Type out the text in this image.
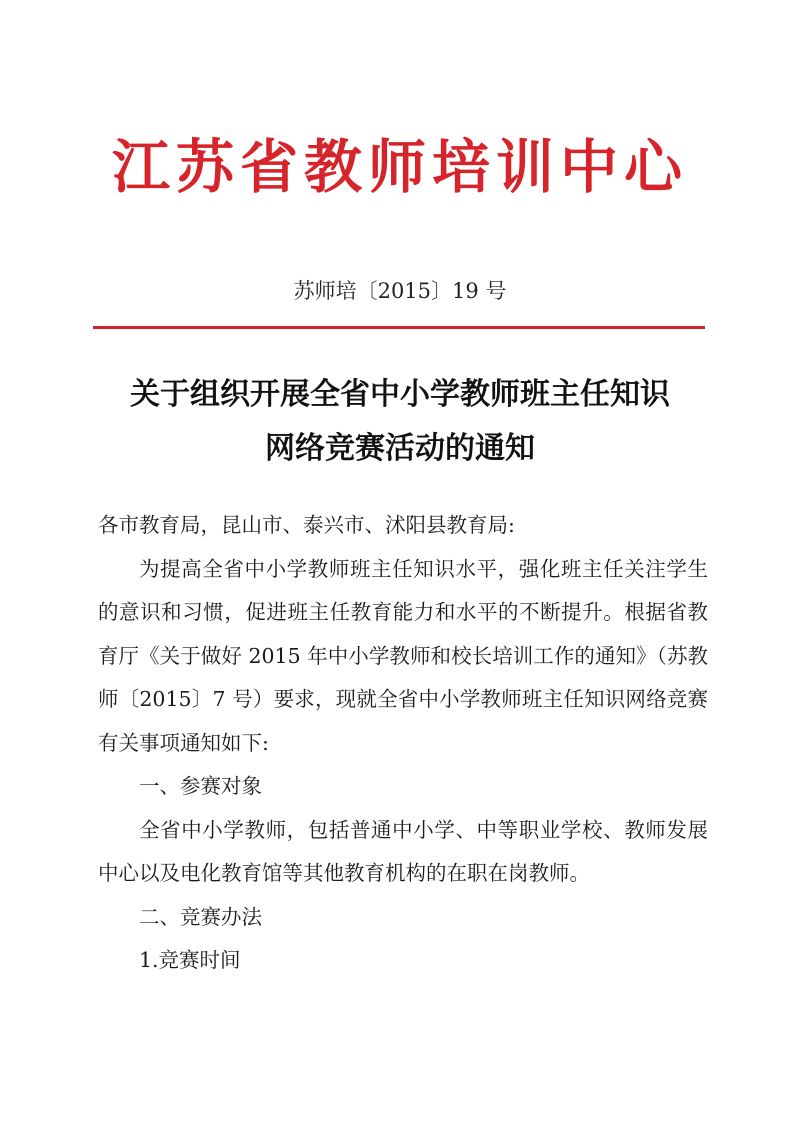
江苏省教师培训中心
苏师培〔2015〕19 号
关于组织开展全省中小学教师班主任知识
网络竞赛活动的通知

各市教育局，昆山市、泰兴市、沭阳县教育局:

为提高全省中小学教师班主任知识水平，强化班主任关注学生的意识和习惯，促进班主任教育能力和水平的不断提升。根据省教育厅《关于做好 2015 年中小学教师和校长培训工作的通知》（苏教师〔2015〕7 号）要求，现就全省中小学教师班主任知识网络竞赛有关事项通知如下:

一、参赛对象

全省中小学教师，包括普通中小学、中等职业学校、教师发展中心以及电化教育馆等其他教育机构的在职在岗教师。

二、竞赛办法

1.竞赛时间
